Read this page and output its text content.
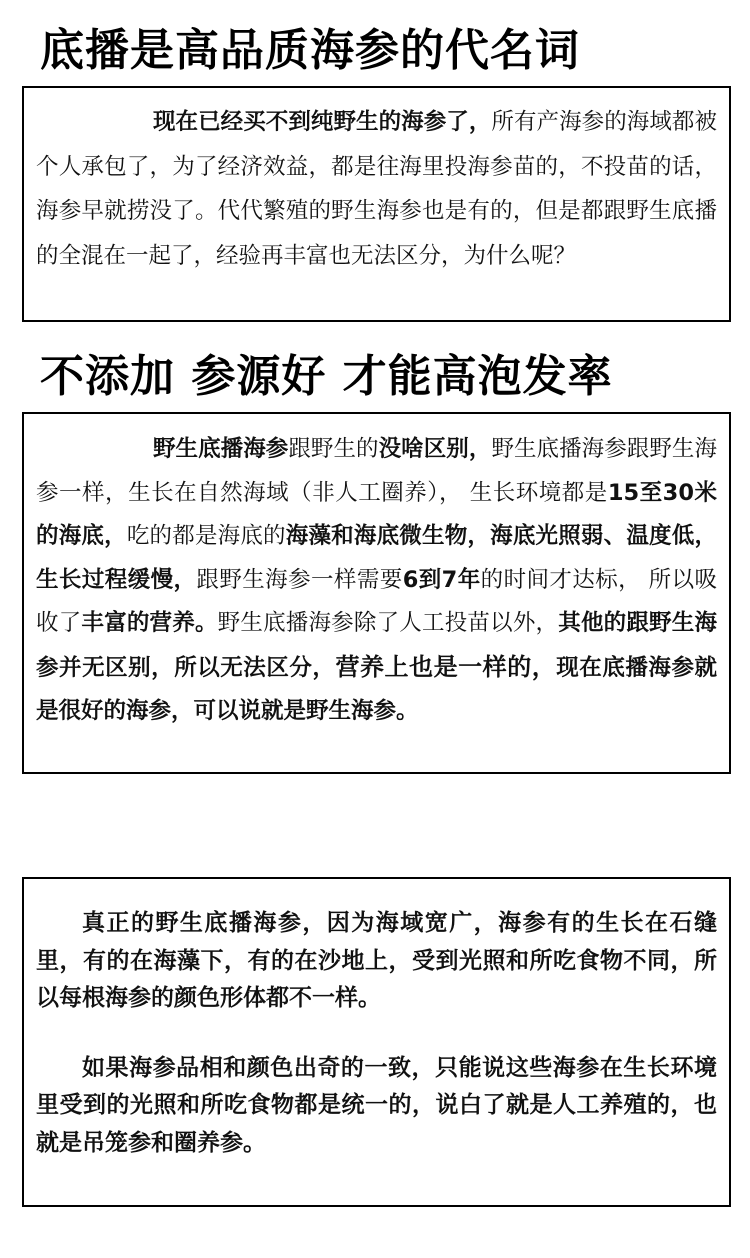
底播是高品质海参的代名词

现在已经买不到纯野生的海参了，所有产海参的海域都被个人承包了，为了经济效益，都是往海里投海参苗的，不投苗的话，海参早就捞没了。代代繁殖的野生海参也是有的，但是都跟野生底播的全混在一起了，经验再丰富也无法区分，为什么呢？

不添加 参源好 才能高泡发率

野生底播海参跟野生的没啥区别，野生底播海参跟野生海参一样，生长在自然海域（非人工圈养）， 生长环境都是15至30米的海底，吃的都是海底的海藻和海底微生物，海底光照弱、温度低，生长过程缓慢，跟野生海参一样需要6到7年的时间才达标， 所以吸收了丰富的营养。野生底播海参除了人工投苗以外，其他的跟野生海参并无区别，所以无法区分，营养上也是一样的，现在底播海参就是很好的海参，可以说就是野生海参。

真正的野生底播海参，因为海域宽广，海参有的生长在石缝里，有的在海藻下，有的在沙地上，受到光照和所吃食物不同，所以每根海参的颜色形体都不一样。

如果海参品相和颜色出奇的一致，只能说这些海参在生长环境里受到的光照和所吃食物都是统一的，说白了就是人工养殖的，也就是吊笼参和圈养参。
